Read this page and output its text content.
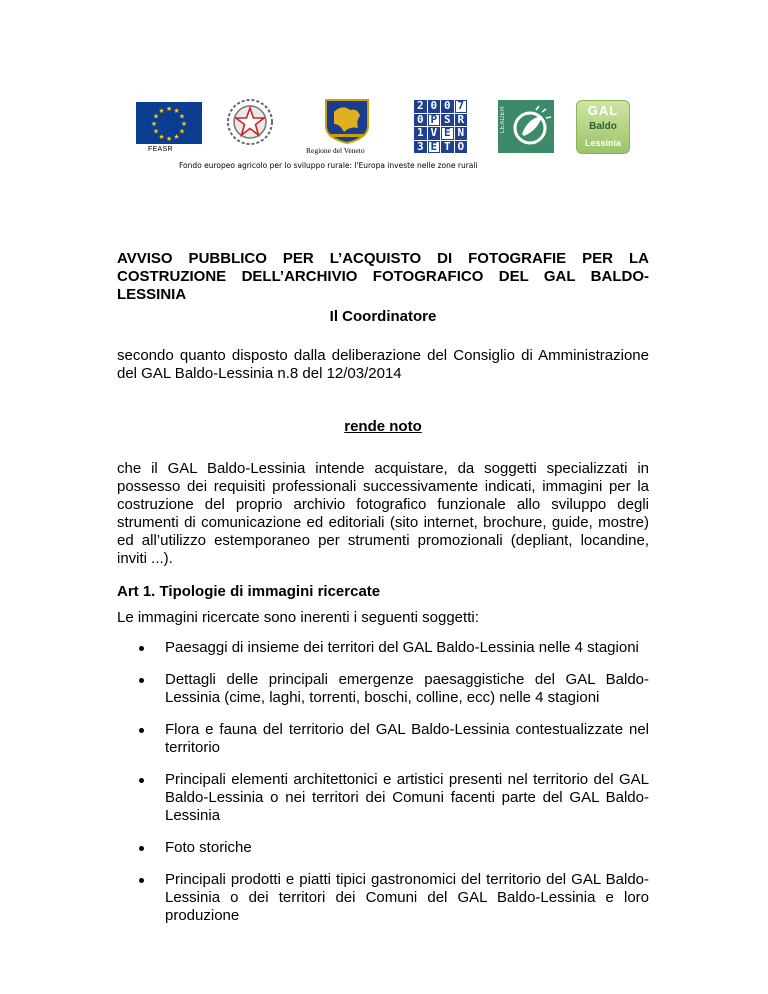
★ ★
★
★
★
★
★
★
★
★
★
★
FEASR	Regione del Veneto
2 0 0 7
0 P S R
1 V E N
3 E T O
LEADER	GAL
Baldo
Lessinia
Fondo europeo agricolo per lo sviluppo rurale: l'Europa investe nelle zone rurali
AVVISO PUBBLICO PER L’ACQUISTO DI FOTOGRAFIE PER LA COSTRUZIONE DELL’ARCHIVIO FOTOGRAFICO DEL GAL BALDO-LESSINIA
Il Coordinatore
secondo quanto disposto dalla deliberazione del Consiglio di Amministrazione del GAL Baldo-Lessinia n.8 del 12/03/2014
rende noto
che il GAL Baldo-Lessinia intende acquistare, da soggetti specializzati in possesso dei requisiti professionali successivamente indicati, immagini per la costruzione del proprio archivio fotografico funzionale allo sviluppo degli strumenti di comunicazione ed editoriali (sito internet, brochure, guide, mostre) ed all’utilizzo estemporaneo per strumenti promozionali (depliant, locandine, inviti ...).
Art 1. Tipologie di immagini ricercate
Le immagini ricercate sono inerenti i seguenti soggetti:
Paesaggi di insieme dei territori del GAL Baldo-Lessinia nelle 4 stagioni
Dettagli delle principali emergenze paesaggistiche del GAL Baldo-Lessinia (cime, laghi, torrenti, boschi, colline, ecc) nelle 4 stagioni
Flora e fauna del territorio del GAL Baldo-Lessinia contestualizzate nel territorio
Principali elementi architettonici e artistici presenti nel territorio del GAL Baldo-Lessinia o nei territori dei Comuni facenti parte del GAL Baldo-Lessinia
Foto storiche
Principali prodotti e piatti tipici gastronomici del territorio del GAL Baldo-Lessinia o dei territori dei Comuni del GAL Baldo-Lessinia e loro produzione
